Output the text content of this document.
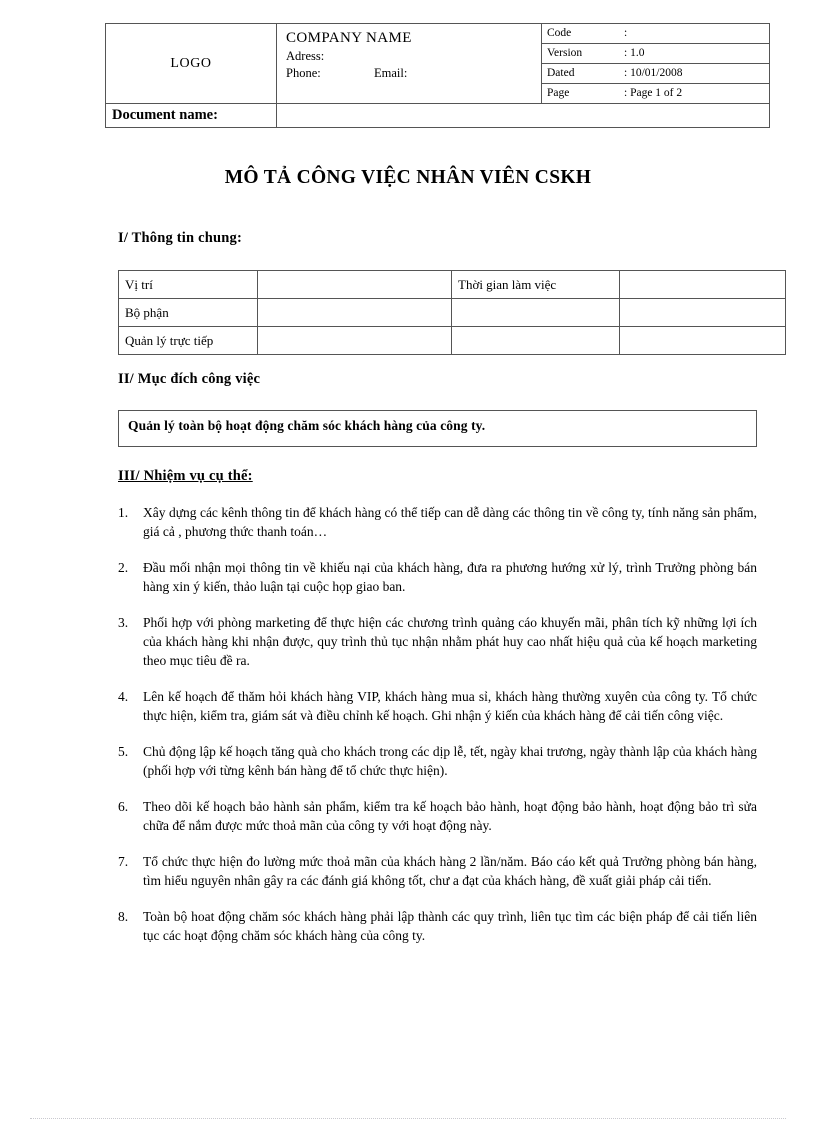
LOGO	
COMPANY NAME
Adress:
Phone:	Email:

Code	:
Version	: 1.0
Dated	: 10/01/2008
Page	: Page 1 of 2

Document name:	
MÔ TẢ CÔNG VIỆC NHÂN VIÊN CSKH
I/ Thông tin chung:
Vị trí		Thời gian làm việc	
Bộ phận			
Quản lý trực tiếp			
II/ Mục đích công việc
Quản lý toàn bộ hoạt động chăm sóc khách hàng của công ty.
III/ Nhiệm vụ cụ thể:
1.	Xây dựng các kênh thông tin để khách hàng có thể tiếp can dễ dàng các thông tin về công ty, tính năng sản phẩm, giá cả , phương thức thanh toán…
2.	Đầu mối nhận mọi thông tin về khiếu nại của khách hàng, đưa ra phương hướng xử lý, trình Trưởng phòng bán hàng xin ý kiến, thảo luận tại cuộc họp giao ban.
3.	Phối hợp với phòng marketing để thực hiện các chương trình quảng cáo khuyến mãi, phân tích kỹ những lợi ích của khách hàng khi nhận được, quy trình thủ tục nhận nhằm phát huy cao nhất hiệu quả của kế hoạch marketing theo mục tiêu đề ra.
4.	Lên kế hoạch để thăm hỏi khách hàng VIP, khách hàng mua sỉ, khách hàng thường xuyên của công ty. Tổ chức thực hiện, kiểm tra, giám sát và điều chỉnh kế hoạch. Ghi nhận ý kiến của khách hàng để cải tiến công việc.
5.	Chủ động lập kế hoạch tăng quà cho khách trong các dịp lễ, tết, ngày khai trương, ngày thành lập của khách hàng (phối hợp với từng kênh bán hàng để tổ chức thực hiện).
6.	Theo dõi kế hoạch bảo hành sản phẩm, kiểm tra kế hoạch bảo hành, hoạt động bảo hành, hoạt động bảo trì sửa chữa để nắm được mức thoả mãn của công ty với hoạt động này.
7.	Tổ chức thực hiện đo lường mức thoả mãn của khách hàng 2 lần/năm. Báo cáo kết quả Trưởng phòng bán hàng, tìm hiểu nguyên nhân gây ra các đánh giá không tốt, chư a đạt của khách hàng, đề xuất giải pháp cải tiến.
8.	Toàn bộ hoat động chăm sóc khách hàng phải lập thành các quy trình, liên tục tìm các biện pháp để cải tiến liên tục các hoạt động chăm sóc khách hàng của công ty.
